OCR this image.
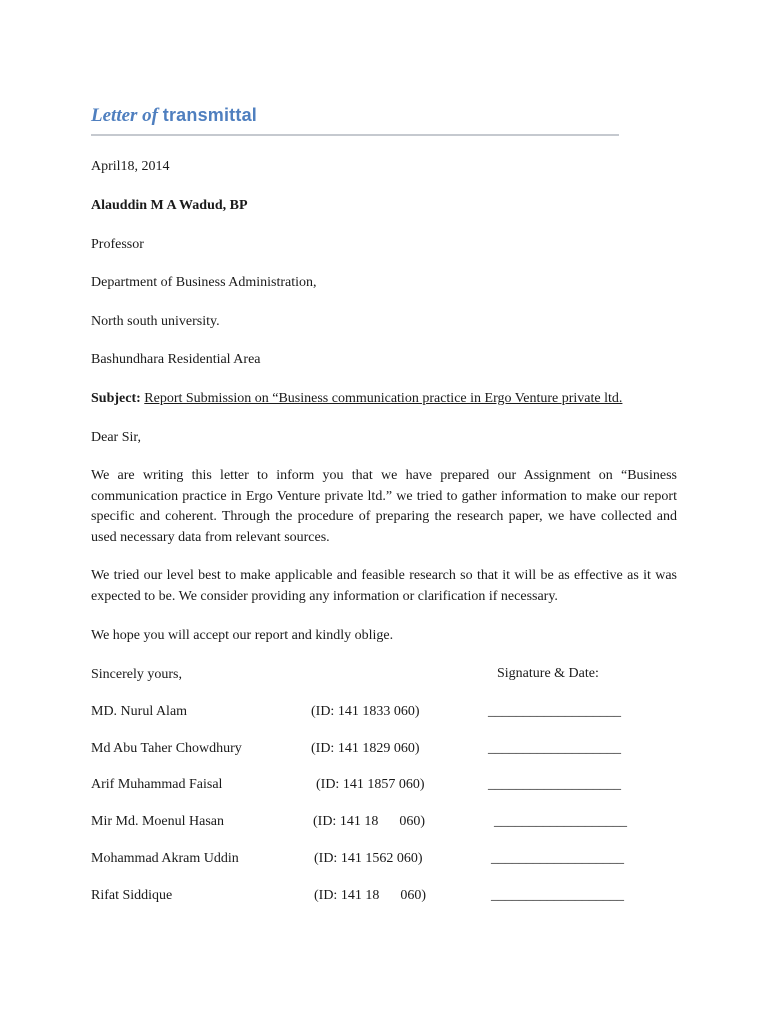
Letter of transmittal
April18, 2014
Alauddin M A Wadud, BP
Professor
Department of Business Administration,
North south university.
Bashundhara Residential Area
Subject: Report Submission on “Business communication practice in Ergo Venture private ltd.
Dear Sir,
We are writing this letter to inform you that we have prepared our Assignment on “Business communication practice in Ergo Venture private ltd.” we tried to gather information to make our report specific and coherent. Through the procedure of preparing the research paper, we have collected and used necessary data from relevant sources.
We tried our level best to make applicable and feasible research so that it will be as effective as it was expected to be. We consider providing any information or clarification if necessary.
We hope you will accept our report and kindly oblige.
Sincerely yours,	Signature & Date:
MD. Nurul Alam	(ID: 141 1833 060)	___________________
Md Abu Taher Chowdhury	(ID: 141 1829 060)	___________________
Arif Muhammad Faisal	(ID: 141 1857 060)	___________________
Mir Md. Moenul Hasan	(ID: 141 18      060)	___________________
Mohammad Akram Uddin	(ID: 141 1562 060)	___________________
Rifat Siddique	(ID: 141 18      060)	___________________
